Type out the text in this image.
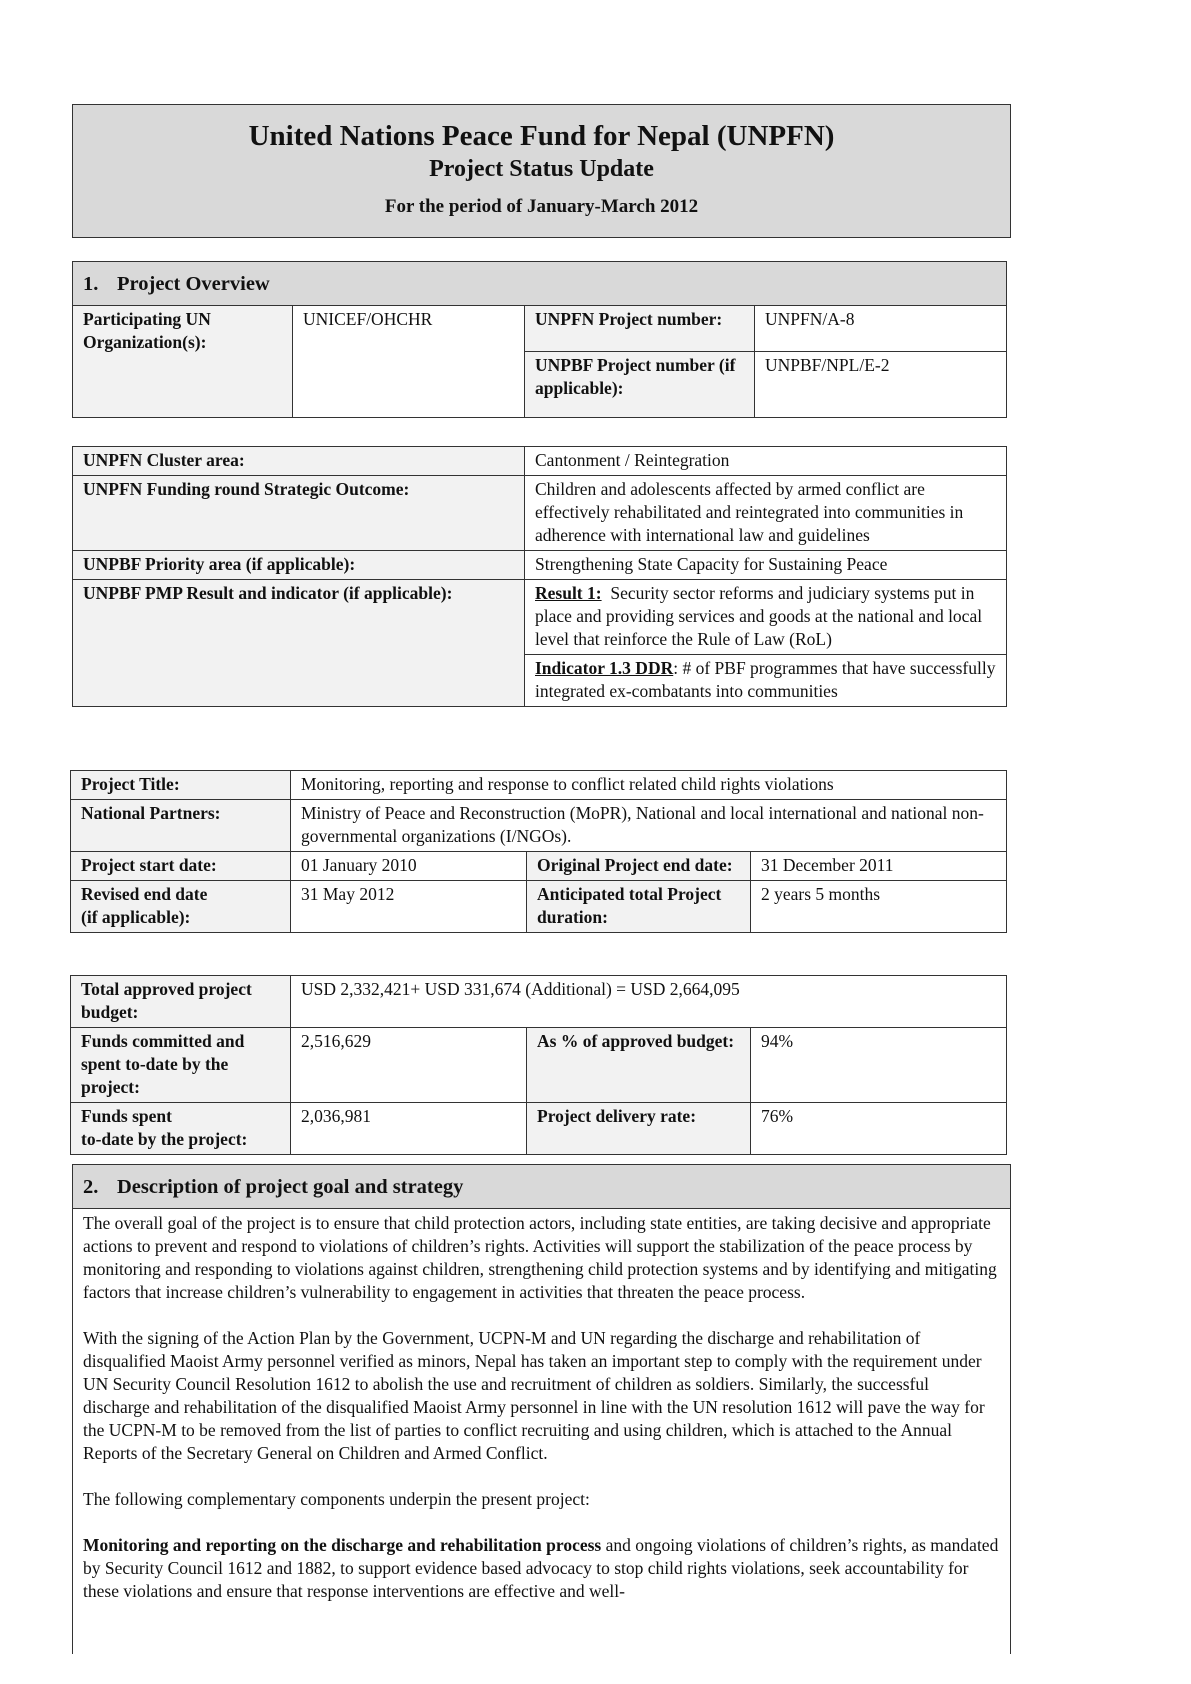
United Nations Peace Fund for Nepal (UNPFN)
Project Status Update
For the period of January-March 2012
1. Project Overview			
Participating UN Organization(s):	UNICEF/OHCHR	UNPFN Project number:	UNPFN/A-8
		UNPBF Project number (if applicable):	UNPBF/NPL/E-2
UNPFN Cluster area:	Cantonment / Reintegration
UNPFN Funding round Strategic Outcome:	Children and adolescents affected by armed conflict are effectively rehabilitated and reintegrated into communities in adherence with international law and guidelines
UNPBF Priority area (if applicable):	Strengthening State Capacity for Sustaining Peace
UNPBF PMP Result and indicator (if applicable):	Result 1: Security sector reforms and judiciary systems put in place and providing services and goods at the national and local level that reinforce the Rule of Law (RoL)
	Indicator 1.3 DDR: # of PBF programmes that have successfully integrated ex-combatants into communities
Project Title:	Monitoring, reporting and response to conflict related child rights violations		
National Partners:	Ministry of Peace and Reconstruction (MoPR), National and local international and national non-governmental organizations (I/NGOs).		
Project start date:	01 January 2010	Original Project end date:	31 December 2011

Revised end date
(if applicable):	31 May 2012	Anticipated total Project duration:	2 years 5 months
Total approved project budget:	USD 2,332,421+ USD 331,674 (Additional) = USD 2,664,095		
Funds committed and spent to-date by the project:	2,516,629	As % of approved budget:	94%

Funds spent
to-date by the project:	2,036,981	Project delivery rate:	76%
2. Description of project goal and strategy

The overall goal of the project is to ensure that child protection actors, including state entities, are taking decisive and appropriate actions to prevent and respond to violations of children’s rights. Activities will support the stabilization of the peace process by monitoring and responding to violations against children, strengthening child protection systems and by identifying and mitigating factors that increase children’s vulnerability to engagement in activities that threaten the peace process.

With the signing of the Action Plan by the Government, UCPN-M and UN regarding the discharge and rehabilitation of disqualified Maoist Army personnel verified as minors, Nepal has taken an important step to comply with the requirement under UN Security Council Resolution 1612 to abolish the use and recruitment of children as soldiers. Similarly, the successful discharge and rehabilitation of the disqualified Maoist Army personnel in line with the UN resolution 1612 will pave the way for the UCPN-M to be removed from the list of parties to conflict recruiting and using children, which is attached to the Annual Reports of the Secretary General on Children and Armed Conflict.

The following complementary components underpin the present project:

Monitoring and reporting on the discharge and rehabilitation process and ongoing violations of children’s rights, as mandated by Security Council 1612 and 1882, to support evidence based advocacy to stop child rights violations, seek accountability for these violations and ensure that response interventions are effective and well-
